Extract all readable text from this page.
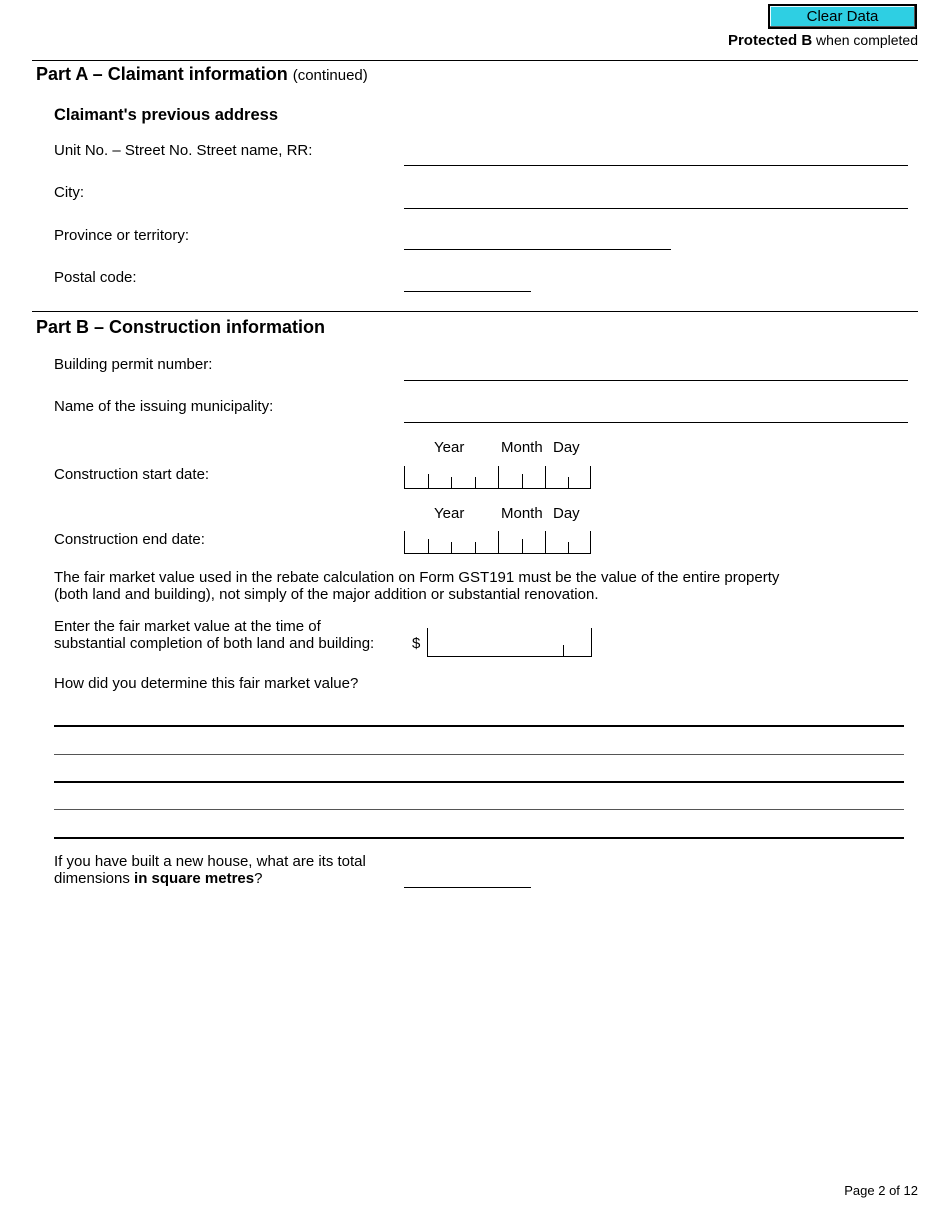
Clear Data
Protected B when completed
Part A – Claimant information (continued)
Claimant's previous address
Unit No. – Street No. Street name, RR:
City:
Province or territory:
Postal code:
Part B – Construction information
Building permit number:
Name of the issuing municipality:
Year Month Day
Construction start date:
Year Month Day
Construction end date:
The fair market value used in the rebate calculation on Form GST191 must be the value of the entire property
(both land and building), not simply of the major addition or substantial renovation.
Enter the fair market value at the time of
substantial completion of both land and building:	$
How did you determine this fair market value?
If you have built a new house, what are its total
dimensions in square metres?
Page 2 of 12
